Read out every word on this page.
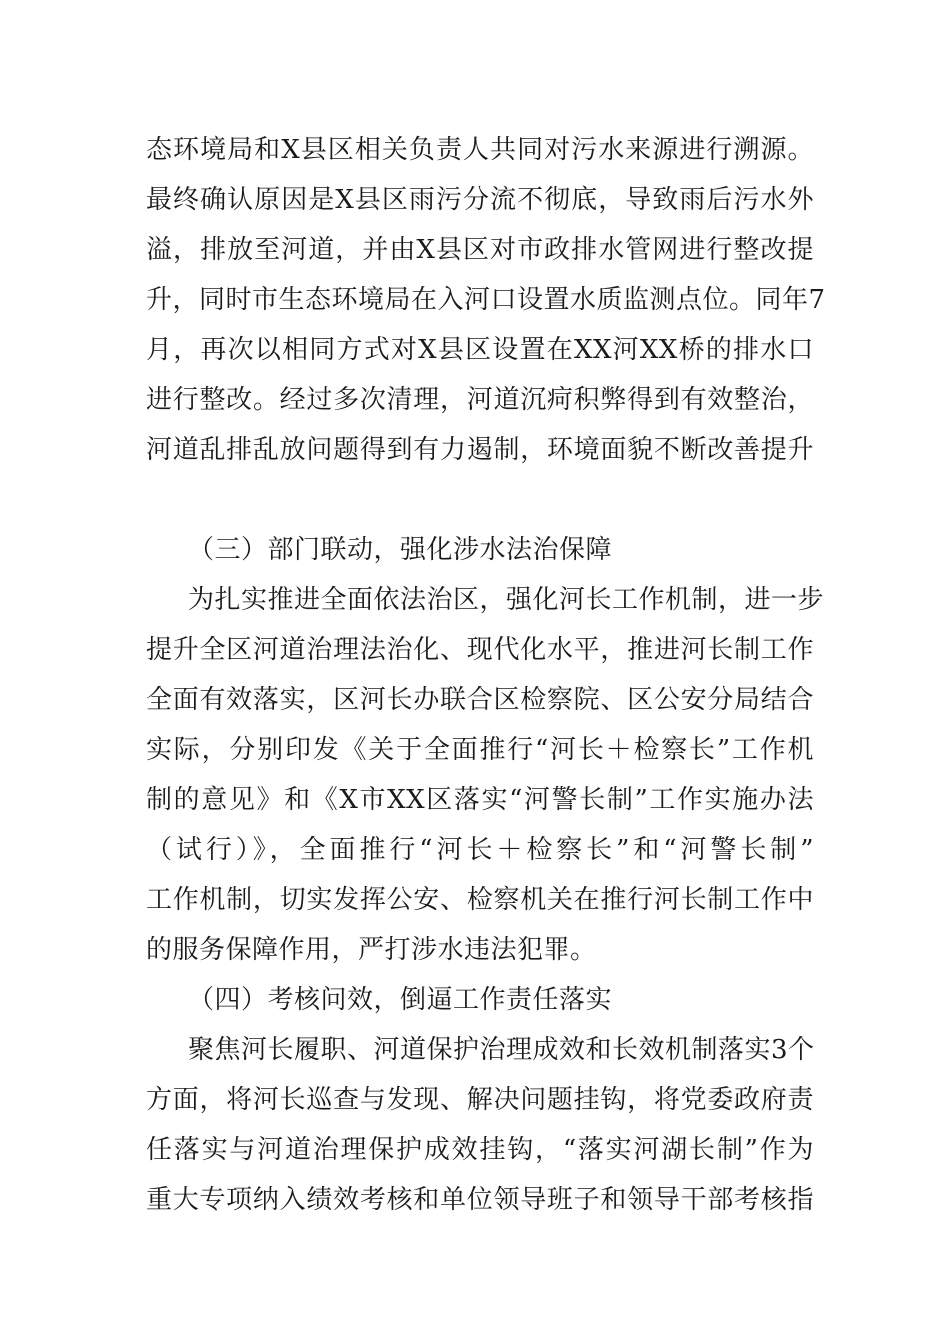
态环境局和X县区相关负责人共同对污水来源进行溯源。
最终确认原因是X县区雨污分流不彻底，导致雨后污水外
溢，排放至河道，并由X县区对市政排水管网进行整改提
升，同时市生态环境局在入河口设置水质监测点位。同年7
月，再次以相同方式对X县区设置在XX河XX桥的排水口
进行整改。经过多次清理，河道沉疴积弊得到有效整治，
河道乱排乱放问题得到有力遏制，环境面貌不断改善提升
（三）部门联动，强化涉水法治保障
为扎实推进全面依法治区，强化河长工作机制，进一步
提升全区河道治理法治化、现代化水平，推进河长制工作
全面有效落实，区河长办联合区检察院、区公安分局结合
实际，分别印发《关于全面推行“河长＋检察长”工作机
制的意见》和《X市XX区落实“河警长制”工作实施办法
（试行）》，全面推行“河长＋检察长”和“河警长制”
工作机制，切实发挥公安、检察机关在推行河长制工作中
的服务保障作用，严打涉水违法犯罪。
（四）考核问效，倒逼工作责任落实
聚焦河长履职、河道保护治理成效和长效机制落实3个
方面，将河长巡查与发现、解决问题挂钩，将党委政府责
任落实与河道治理保护成效挂钩，“落实河湖长制”作为
重大专项纳入绩效考核和单位领导班子和领导干部考核指
